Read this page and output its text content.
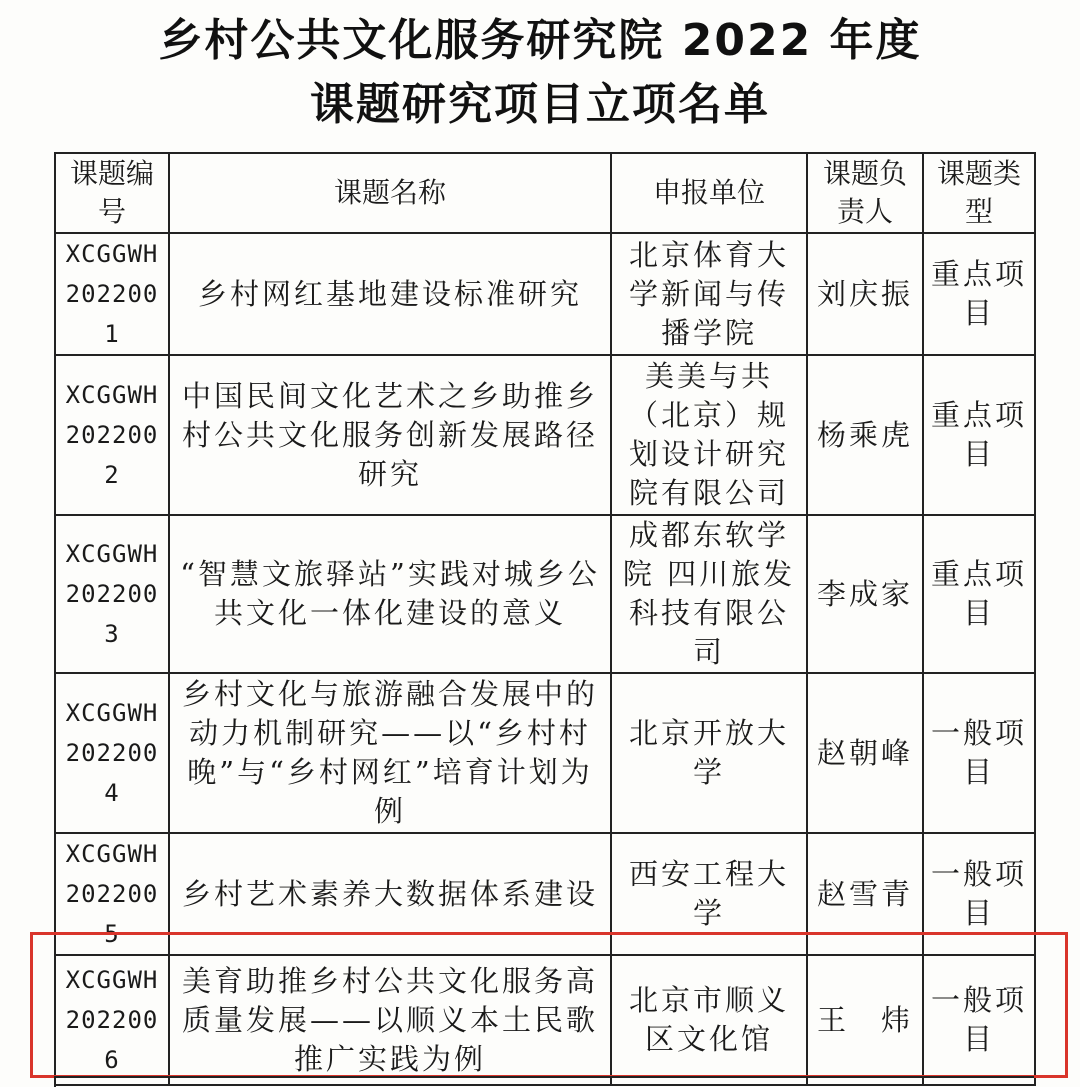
乡村公共文化服务研究院 2022 年度
课题研究项目立项名单
课题编号	课题名称	申报单位	课题负责人	课题类型
XCGGWH2022001	乡村网红基地建设标准研究	北京体育大学新闻与传播学院	刘庆振	重点项目
XCGGWH2022002	中国民间文化艺术之乡助推乡村公共文化服务创新发展路径研究	美美与共（北京）规划设计研究院有限公司	杨乘虎	重点项目
XCGGWH2022003	“智慧文旅驿站”实践对城乡公共文化一体化建设的意义	成都东软学院 四川旅发科技有限公司	李成家	重点项目
XCGGWH2022004	乡村文化与旅游融合发展中的动力机制研究——以“乡村村晚”与“乡村网红”培育计划为例	北京开放大学	赵朝峰	一般项目
XCGGWH2022005	乡村艺术素养大数据体系建设	西安工程大学	赵雪青	一般项目
XCGGWH2022006	美育助推乡村公共文化服务高质量发展——以顺义本土民歌推广实践为例	北京市顺义区文化馆	王　炜	一般项目
